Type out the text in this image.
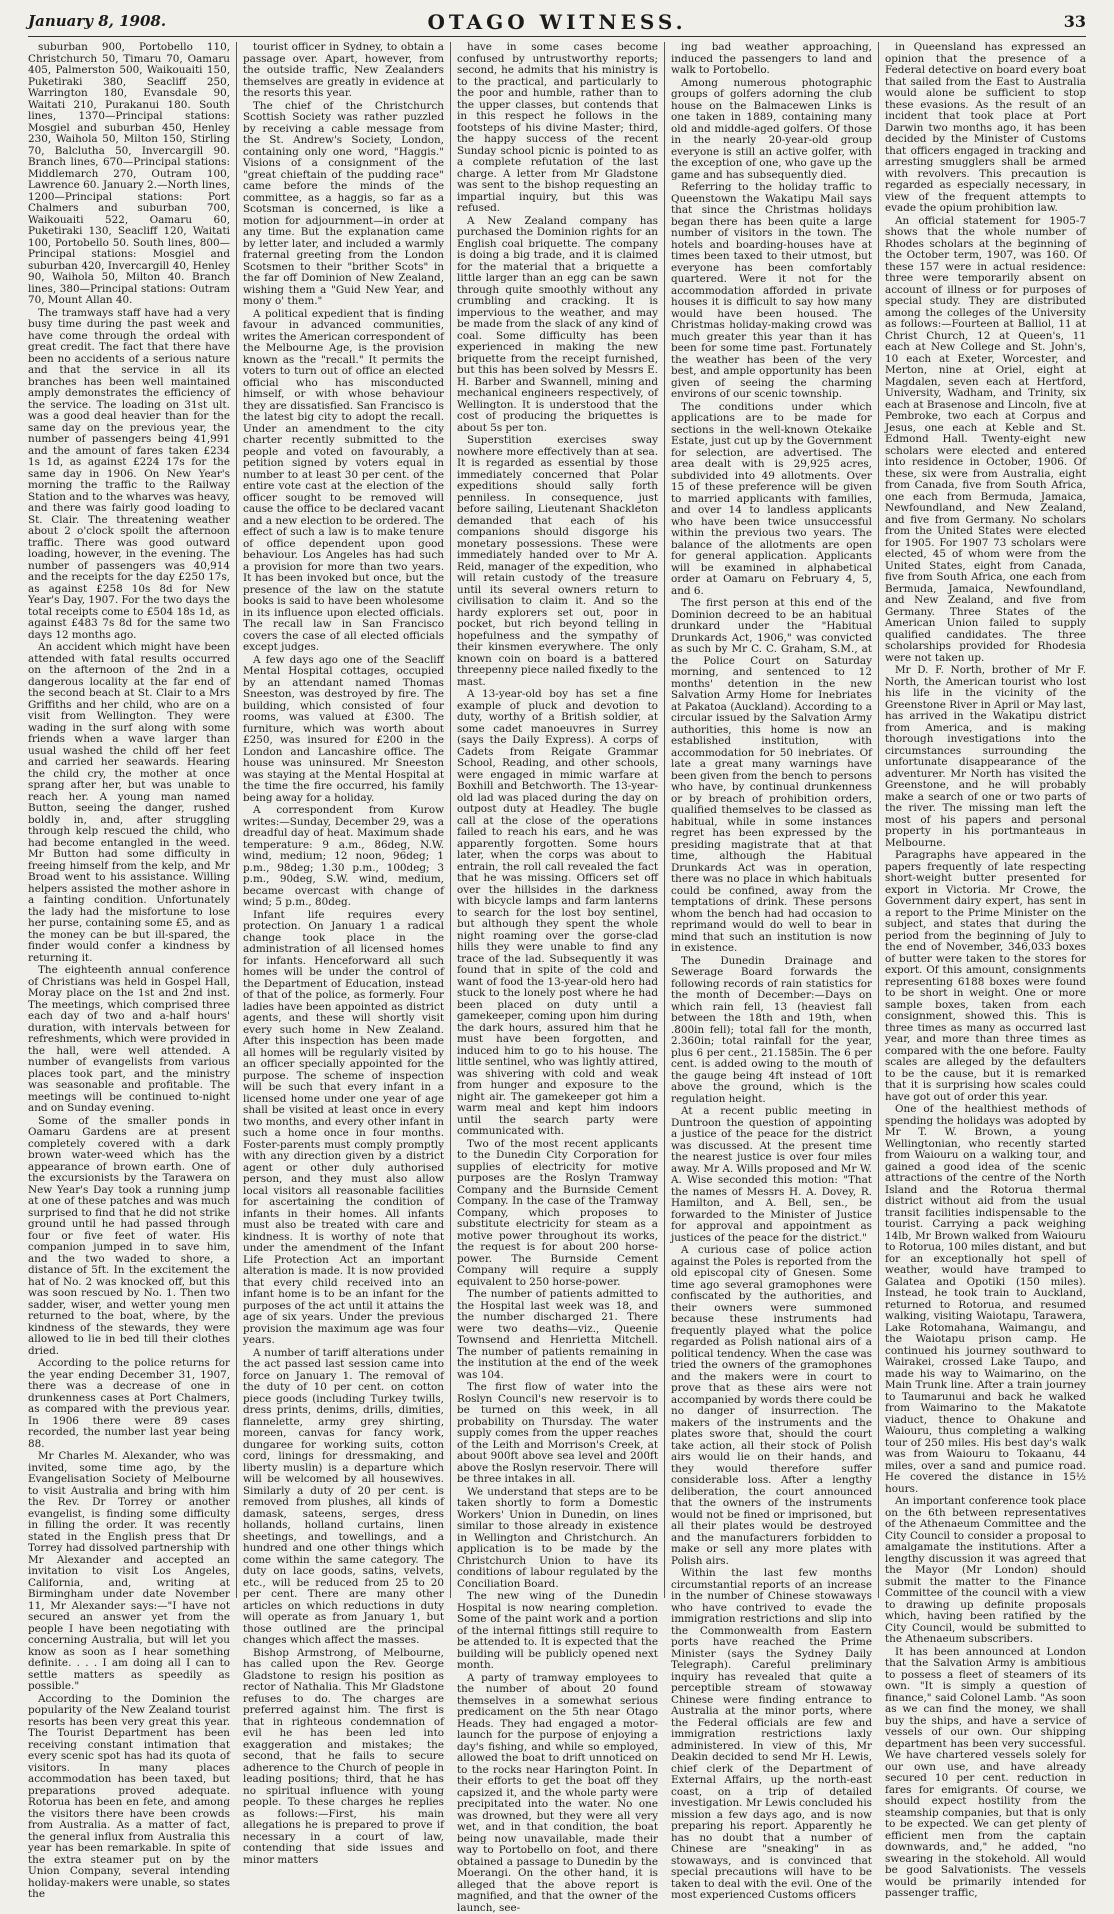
January 8, 1908.	OTAGO WITNESS.	33

suburban 900, Portobello 110, Christchurch 50, Timaru 70, Oamaru 405, Palmerston 500, Waikouaiti 150, Puketiraki 380, Seacliff 250, Warrington 180, Evansdale 90, Waitati 210, Purakanui 180. South lines, 1370—Principal stations: Mosgiel and suburban 450, Henley 230, Waihola 50, Milton 150, Stirling 70, Balclutha 50, Invercargill 90. Branch lines, 670—Principal stations: Middlemarch 270, Outram 100, Lawrence 60. January 2.—North lines, 1200—Principal stations: Port Chalmers and suburban 700, Waikouaiti 522, Oamaru 60, Puketiraki 130, Seacliff 120, Waitati 100, Portobello 50. South lines, 800—Principal stations: Mosgiel and suburban 420, Invercargill 40, Henley 90, Waihola 50, Milton 40. Branch lines, 380—Principal stations: Outram 70, Mount Allan 40.

The tramways staff have had a very busy time during the past week and have come through the ordeal with great credit. The fact that there have been no accidents of a serious nature and that the service in all its branches has been well maintained amply demonstrates the efficiency of the service. The loading on 31st ult. was a good deal heavier than for the same day on the previous year, the number of passengers being 41,991 and the amount of fares taken £234 1s 1d, as against £224 17s for the same day in 1906. On New Year's morning the traffic to the Railway Station and to the wharves was heavy, and there was fairly good loading to St. Clair. The threatening weather about 2 o'clock spoilt the afternoon traffic. There was good outward loading, however, in the evening. The number of passengers was 40,914 and the receipts for the day £250 17s, as against £258 10s 8d for New Year's Day, 1907. For the two days the total receipts come to £504 18s 1d, as against £483 7s 8d for the same two days 12 months ago.

An accident which might have been attended with fatal results occurred on the afternoon of the 2nd in a dangerous locality at the far end of the second beach at St. Clair to a Mrs Griffiths and her child, who are on a visit from Wellington. They were wading in the surf along with some friends when a wave larger than usual washed the child off her feet and carried her seawards. Hearing the child cry, the mother at once sprang after her, but was unable to reach her. A young man named Button, seeing the danger, rushed boldly in, and, after struggling through kelp rescued the child, who had become entangled in the weed. Mr Button had some difficulty in freeing himself from the kelp, and Mr Broad went to his assistance. Willing helpers assisted the mother ashore in a fainting condition. Unfortunately the lady had the misfortune to lose her purse, containing some £5, and as the money can be but ill-spared, the finder would confer a kindness by returning it.

The eighteenth annual conference of Christians was held in Gospel Hall, Moray place on the 1st and 2nd inst. The meetings, which comprised three each day of two and a-half hours' duration, with intervals between for refreshments, which were provided in the hall, were well attended. A number of evangelists from various places took part, and the ministry was seasonable and profitable. The meetings will be continued to-night and on Sunday evening.

Some of the smaller ponds in Oamaru Gardens are at present completely covered with a dark brown water-weed which has the appearance of brown earth. One of the excursionists by the Tarawera on New Year's Day took a running jump at one of these patches and was much surprised to find that he did not strike ground until he had passed through four or five feet of water. His companion jumped in to save him, and the two waded to shore, a distance of 5ft. In the excitement the hat of No. 2 was knocked off, but this was soon rescued by No. 1. Then two sadder, wiser, and wetter young men returned to the boat, where, by the kindness of the stewards, they were allowed to lie in bed till their clothes dried.

According to the police returns for the year ending December 31, 1907, there was a decrease of one in drunkenness cases at Port Chalmers, as compared with the previous year. In 1906 there were 89 cases recorded, the number last year being 88.

Mr Charles M. Alexander, who was invited, some time ago, by the Evangelisation Society of Melbourne to visit Australia and bring with him the Rev. Dr Torrey or another evangelist, is finding some difficulty in filling the order. It was recently stated in the English press that Dr Torrey had dissolved partnership with Mr Alexander and accepted an invitation to visit Los Angeles, California, and, writing at Birmingham under date November 11, Mr Alexander says:—"I have not secured an answer yet from the people I have been negotiating with concerning Australia, but will let you know as soon as I hear something definite. . . . I am doing all I can to settle matters as speedily as possible."

According to the Dominion the popularity of the New Zealand tourist resorts has been very great this year. The Tourist Department has been receiving constant intimation that every scenic spot has had its quota of visitors. In many places accommodation has been taxed, but preparations proved adequate. Rotorua has been en fete, and among the visitors there have been crowds from Australia. As a matter of fact, the general influx from Australia this year has been remarkable. In spite of the extra steamer put on by the Union Company, several intending holiday-makers were unable, so states the

tourist officer in Sydney, to obtain a passage over. Apart, however, from the outside traffic, New Zealanders themselves are greatly in evidence at the resorts this year.

The chief of the Christchurch Scottish Society was rather puzzled by receiving a cable message from the St. Andrew's Society, London, containing only one word, "Haggis." Visions of a consignment of the "great chieftain of the pudding race" came before the minds of the committee, as a haggis, so far as a Scotsman is concerned, is like a motion for adjournment—in order at any time. But the explanation came by letter later, and included a warmly fraternal greeting from the London Scotsmen to their "brither Scots" in the far off Dominion of New Zealand, wishing them a "Guid New Year, and mony o' them."

A political expedient that is finding favour in advanced communities, writes the American correspondent of the Melbourne Age, is the provision known as the "recall." It permits the voters to turn out of office an elected official who has misconducted himself, or with whose behaviour they are dissatisfied. San Francisco is the latest big city to adopt the recall. Under an amendment to the city charter recently submitted to the people and voted on favourably, a petition signed by voters equal in number to at least 30 per cent. of the entire vote cast at the election of the officer sought to be removed will cause the office to be declared vacant and a new election to be ordered. The effect of such a law is to make tenure of office dependent upon good behaviour. Los Angeles has had such a provision for more than two years. It has been invoked but once, but the presence of the law on the statute books is said to have been wholesome in its influence upon elected officials. The recall law in San Francisco covers the case of all elected officials except judges.

A few days ago one of the Seacliff Mental Hospital cottages, occupied by an attendant named Thomas Sneeston, was destroyed by fire. The building, which consisted of four rooms, was valued at £300. The furniture, which was worth about £250, was insured for £200 in the London and Lancashire office. The house was uninsured. Mr Sneeston was staying at the Mental Hospital at the time the fire occurred, his family being away for a holiday.

A correspondent from Kurow writes:—Sunday, December 29, was a dreadful day of heat. Maximum shade temperature: 9 a.m., 86deg, N.W. wind, medium; 12 noon, 96deg; 1 p.m., 98deg; 1.30 p.m., 100deg; 3 p.m., 90deg, S.W. wind, medium, became overcast with change of wind; 5 p.m., 80deg.

Infant life requires every protection. On January 1 a radical change took place in the administration of all licensed homes for infants. Henceforward all such homes will be under the control of the Department of Education, instead of that of the police, as formerly. Four ladies have been appointed as district agents, and these will shortly visit every such home in New Zealand. After this inspection has been made all homes will be regularly visited by an officer specially appointed for the purpose. The scheme of inspection will be such that every infant in a licensed home under one year of age shall be visited at least once in every two months, and every other infant in such a home once in four months. Foster-parents must comply promptly with any direction given by a district agent or other duly authorised person, and they must also allow local visitors all reasonable facilities for ascertaining the condition of infants in their homes. All infants must also be treated with care and kindness. It is worthy of note that under the amendment of the Infant Life Protection Act an important alteration is made. It is now provided that every child received into an infant home is to be an infant for the purposes of the act until it attains the age of six years. Under the previous provision the maximum age was four years.

A number of tariff alterations under the act passed last session came into force on January 1. The removal of the duty of 10 per cent. on cotton piece goods (including Turkey twills, dress prints, denims, drills, dimities, flannelette, army grey shirting, moreen, canvas for fancy work, dungaree for working suits, cotton cord, linings for dressmaking, and liberty muslin) is a departure which will be welcomed by all housewives. Similarly a duty of 20 per cent. is removed from plushes, all kinds of damask, sateens, serges, dress hollands, holland curtains, linen sheetings, and towellings, and a hundred and one other things which come within the same category. The duty on lace goods, satins, velvets, etc., will be reduced from 25 to 20 per cent. There are many other articles on which reductions in duty will operate as from January 1, but those outlined are the principal changes which affect the masses.

Bishop Armstrong, of Melbourne, has called upon the Rev. George Gladstone to resign his position as rector of Nathalia. This Mr Gladstone refuses to do. The charges are preferred against him. The first is that in righteous condemnation of evil he has been led into exaggeration and mistakes; the second, that he fails to secure adherence to the Church of people in leading positions; third, that he has no spiritual influence with young people. To these charges he replies as follows:—First, his main allegations he is prepared to prove if necessary in a court of law, contending that side issues and minor matters

have in some cases become confused by untrustworthy reports; second, he admits that his ministry is to the practical, and particularly to the poor and humble, rather than to the upper classes, but contends that in this respect he follows in the footsteps of his divine Master; third, the happy success of the recent Sunday school picnic is pointed to as a complete refutation of the last charge. A letter from Mr Gladstone was sent to the bishop requesting an impartial inquiry, but this was refused.

A New Zealand company has purchased the Dominion rights for an English coal briquette. The company is doing a big trade, and it is claimed for the material that a briquette a little larger than an egg can be sawn through quite smoothly without any crumbling and cracking. It is impervious to the weather, and may be made from the slack of any kind of coal. Some difficulty has been experienced in making the new briquette from the receipt furnished, but this has been solved by Messrs E. H. Barber and Swannell, mining and mechanical engineers respectively, of Wellington. It is understood that the cost of producing the briquettes is about 5s per ton.

Superstition exercises sway nowhere more effectively than at sea. It is regarded as essential by those immediately concerned that Polar expeditions should sally forth penniless. In consequence, just before sailing, Lieutenant Shackleton demanded that each of his companions should disgorge his monetary possessions. These were immediately handed over to Mr A. Reid, manager of the expedition, who will retain custody of the treasure until its several owners return to civilisation to claim it. And so the hardy explorers set out, poor in pocket, but rich beyond telling in hopefulness and the sympathy of their kinsmen everywhere. The only known coin on board is a battered threepenny piece nailed fixedly to the mast.

A 13-year-old boy has set a fine example of pluck and devotion to duty, worthy of a British soldier, at some cadet manoeuvres in Surrey (says the Daily Express). A corps of Cadets from Reigate Grammar School, Reading, and other schools, were engaged in mimic warfare at Boxhill and Betchworth. The 13-year-old lad was placed during the day on outpost duty at Headley. The bugle call at the close of the operations failed to reach his ears, and he was apparently forgotten. Some hours later, when the corps was about to entrain, the roll call revealed the fact that he was missing. Officers set off over the hillsides in the darkness with bicycle lamps and farm lanterns to search for the lost boy sentinel, but although they spent the whole night roaming over the gorse-clad hills they were unable to find any trace of the lad. Subsequently it was found that in spite of the cold and want of food the 13-year-old hero had stuck to the lonely post where he had been placed on duty until a gamekeeper, coming upon him during the dark hours, assured him that he must have been forgotten, and induced him to go to his house. The little sentinel, who was lightly attired, was shivering with cold and weak from hunger and exposure to the night air. The gamekeeper got him a warm meal and kept him indoors until the search party were communicated with.

Two of the most recent applicants to the Dunedin City Corporation for supplies of electricity for motive purposes are the Roslyn Tramway Company and the Burnside Cement Company. In the case of the Tramway Company, which proposes to substitute electricity for steam as a motive power throughout its works, the request is for about 200 horse-power. The Burnside Cement Company will require a supply equivalent to 250 horse-power.

The number of patients admitted to the Hospital last week was 18, and the number discharged 21. There were two deaths—viz., Queenie Townsend and Henrietta Mitchell. The number of patients remaining in the institution at the end of the week was 104.

The first flow of water into the Roslyn Council's new reservoir is to be turned on this week, in all probability on Thursday. The water supply comes from the upper reaches of the Leith and Morrison's Creek, at about 900ft above sea level and 200ft above the Roslyn reservoir. There will be three intakes in all.

We understand that steps are to be taken shortly to form a Domestic Workers' Union in Dunedin, on lines similar to those already in existence in Wellington and Christchurch. An application is to be made by the Christchurch Union to have its conditions of labour regulated by the Conciliation Board.

The new wing of the Dunedin Hospital is now nearing completion. Some of the paint work and a portion of the internal fittings still require to be attended to. It is expected that the building will be publicly opened next month.

A party of tramway employees to the number of about 20 found themselves in a somewhat serious predicament on the 5th near Otago Heads. They had engaged a motor-launch for the purpose of enjoying a day's fishing, and while so employed, allowed the boat to drift unnoticed on to the rocks near Harington Point. In their efforts to get the boat off they capsized it, and the whole party were precipitated into the water. No one was drowned, but they were all very wet, and in that condition, the boat being now unavailable, made their way to Portobello on foot, and there obtained a passage to Dunedin by the Moerangi. On the other hand, it is alleged that the above report is magnified, and that the owner of the launch, see-

ing bad weather approaching, induced the passengers to land and walk to Portobello.

Among numerous photographic groups of golfers adorning the club house on the Balmacewen Links is one taken in 1889, containing many old and middle-aged golfers. Of those in the nearly 20-year-old group everyone is still an active golfer, with the exception of one, who gave up the game and has subsequently died.

Referring to the holiday traffic to Queenstown the Wakatipu Mail says that since the Christmas holidays began there has been quite a large number of visitors in the town. The hotels and boarding-houses have at times been taxed to their utmost, but everyone has been comfortably quartered. Were it not for the accommodation afforded in private houses it is difficult to say how many would have been housed. The Christmas holiday-making crowd was much greater this year than it has been for some time past. Fortunately the weather has been of the very best, and ample opportunity has been given of seeing the charming environs of our scenic township.

The conditions under which applications are to be made for sections in the well-known Otekaike Estate, just cut up by the Government for selection, are advertised. The area dealt with is 29,925 acres, subdivided into 49 allotments. Over 15 of these preference will be given to married applicants with families, and over 14 to landless applicants who have been twice unsuccessful within the previous two years. The balance of the allotments are open for general application. Applicants will be examined in alphabetical order at Oamaru on February 4, 5, and 6.

The first person at this end of the Dominion decreed to be an habitual drunkard under the "Habitual Drunkards Act, 1906," was convicted as such by Mr C. C. Graham, S.M., at the Police Court on Saturday morning, and sentenced to 12 months' detention in the new Salvation Army Home for Inebriates at Pakatoa (Auckland). According to a circular issued by the Salvation Army authorities, this home is now an established institution, with accommodation for 50 inebriates. Of late a great many warnings have been given from the bench to persons who have, by continual drunkenness or by breach of prohibition orders, qualified themselves to be classed as habitual, while in some instances regret has been expressed by the presiding magistrate that at that time, although the Habitual Drunkards Act was in operation, there was no place in which habituals could be confined, away from the temptations of drink. These persons whom the bench had had occasion to reprimand would do well to bear in mind that such an institution is now in existence.

The Dunedin Drainage and Sewerage Board forwards the following records of rain statistics for the month of December:—Days on which rain fell, 13 (heaviest fall between the 18th and 19th, when .800in fell); total fall for the month, 2.360in; total rainfall for the year, plus 6 per cent., 21.1585in. The 6 per cent. is added owing to the mouth of the gauge being 4ft instead of 10ft above the ground, which is the regulation height.

At a recent public meeting in Duntroon the question of appointing a justice of the peace for the district was discussed. At the present time the nearest justice is over four miles away. Mr A. Wills proposed and Mr W. A. Wise seconded this motion: "That the names of Messrs H. A. Dovey, R. Hamilton, and A. Bell, sen., be forwarded to the Minister of Justice for approval and appointment as justices of the peace for the district."

A curious case of police action against the Poles is reported from the old episcopal city of Gnesen. Some time ago several gramophones were confiscated by the authorities, and their owners were summoned because these instruments had frequently played what the police regarded as Polish national airs of a political tendency. When the case was tried the owners of the gramophones and the makers were in court to prove that as these airs were not accompanied by words there could be no danger of insurrection. The makers of the instruments and the plates swore that, should the court take action, all their stock of Polish airs would lie on their hands, and they would therefore suffer considerable loss. After a lengthy deliberation, the court announced that the owners of the instruments would not be fined or imprisoned, but all their plates would be destroyed and the manufacturers forbidden to make or sell any more plates with Polish airs.

Within the last few months circumstantial reports of an increase in the number of Chinese stowaways who have contrived to evade the immigration restrictions and slip into the Commonwealth from Eastern ports have reached the Prime Minister (says the Sydney Daily Telegraph). Careful preliminary inquiry has revealed that quite a perceptible stream of stowaway Chinese were finding entrance to Australia at the minor ports, where the Federal officials are few and immigration restrictions laxly administered. In view of this, Mr Deakin decided to send Mr H. Lewis, chief clerk of the Department of External Affairs, up the north-east coast, on a trip of detailed investigation. Mr Lewis concluded his mission a few days ago, and is now preparing his report. Apparently he has no doubt that a number of Chinese are "sneaking" in as stowaways, and is convinced that special precautions will have to be taken to deal with the evil. One of the most experienced Customs officers

in Queensland has expressed an opinion that the presence of a Federal detective on board every boat that sailed from the East to Australia would alone be sufficient to stop these evasions. As the result of an incident that took place at Port Darwin two months ago, it has been decided by the Minister of Customs that officers engaged in tracking and arresting smugglers shall be armed with revolvers. This precaution is regarded as especially necessary, in view of the frequent attempts to evade the opium prohibition law.

An official statement for 1905-7 shows that the whole number of Rhodes scholars at the beginning of the October term, 1907, was 160. Of these 157 were in actual residence: three were temporarily absent on account of illness or for purposes of special study. They are distributed among the colleges of the University as follows:—Fourteen at Balliol, 11 at Christ Church, 12 at Queen's, 11 each at New College and St. John's, 10 each at Exeter, Worcester, and Merton, nine at Oriel, eight at Magdalen, seven each at Hertford, University, Wadham, and Trinity, six each at Brasenose and Lincoln, five at Pembroke, two each at Corpus and Jesus, one each at Keble and St. Edmond Hall. Twenty-eight new scholars were elected and entered into residence in October, 1906. Of these, six were from Australia, eight from Canada, five from South Africa, one each from Bermuda, Jamaica, Newfoundland, and New Zealand, and five from Germany. No scholars from the United States were elected for 1905. For 1907 73 scholars were elected, 45 of whom were from the United States, eight from Canada, five from South Africa, one each from Bermuda, Jamaica, Newfoundland, and New Zealand, and five from Germany. Three States of the American Union failed to supply qualified candidates. The three scholarships provided for Rhodesia were not taken up.

Mr D. F. North, brother of Mr F. North, the American tourist who lost his life in the vicinity of the Greenstone River in April or May last, has arrived in the Wakatipu district from America, and is making thorough investigations into the circumstances surrounding the unfortunate disappearance of the adventurer. Mr North has visited the Greenstone, and he will probably make a search of one or two parts of the river. The missing man left the most of his papers and personal property in his portmanteaus in Melbourne.

Paragraphs have appeared in the papers frequently of late respecting short-weight butter presented for export in Victoria. Mr Crowe, the Government dairy expert, has sent in a report to the Prime Minister on the subject, and states that during the period from the beginning of July to the end of November, 346,033 boxes of butter were taken to the stores for export. Of this amount, consignments representing 6188 boxes were found to be short in weight. One or more sample boxes, taken from each consignment, showed this. This is three times as many as occurred last year, and more than three times as compared with the one before. Faulty scales are alleged by the defaulters to be the cause, but it is remarked that it is surprising how scales could have got out of order this year.

One of the healthiest methods of spending the holidays was adopted by Mr T. W. Brown, a young Wellingtonian, who recently started from Waiouru on a walking tour, and gained a good idea of the scenic attractions of the centre of the North Island and the Rotorua thermal district without aid from the usual transit facilities indispensable to the tourist. Carrying a pack weighing 14lb, Mr Brown walked from Waiouru to Rotorua, 100 miles distant, and but for an exceptionally hot spell of weather, would have tramped to Galatea and Opotiki (150 miles). Instead, he took train to Auckland, returned to Rotorua, and resumed walking, visiting Waiotapu, Tarawera, Lake Rotomahana, Waimangu, and the Waiotapu prison camp. He continued his journey southward to Wairakei, crossed Lake Taupo, and made his way to Waimarino, on the Main Trunk line. After a train journey to Taumarunui and back he walked from Waimarino to the Makatote viaduct, thence to Ohakune and Waiouru, thus completing a walking tour of 250 miles. His best day's walk was from Waiouru to Tokaanu, 44 miles, over a sand and pumice road. He covered the distance in 15½ hours.

An important conference took place on the 6th between representatives of the Athenaeum Committee and the City Council to consider a proposal to amalgamate the institutions. After a lengthy discussion it was agreed that the Mayor (Mr London) should submit the matter to the Finance Committee of the council with a view to drawing up definite proposals which, having been ratified by the City Council, would be submitted to the Athenaeum subscribers.

It has been announced at London that the Salvation Army is ambitious to possess a fleet of steamers of its own. "It is simply a question of finance," said Colonel Lamb. "As soon as we can find the money, we shall buy the ships, and have a service of vessels of our own. Our shipping department has been very successful. We have chartered vessels solely for our own use, and have already secured 10 per cent. reduction in fares for emigrants. Of course, we should expect hostility from the steamship companies, but that is only to be expected. We can get plenty of efficient men from the captain downwards, and," he added, "no swearing in the stokehold. All would be good Salvationists. The vessels would be primarily intended for passenger traffic,
